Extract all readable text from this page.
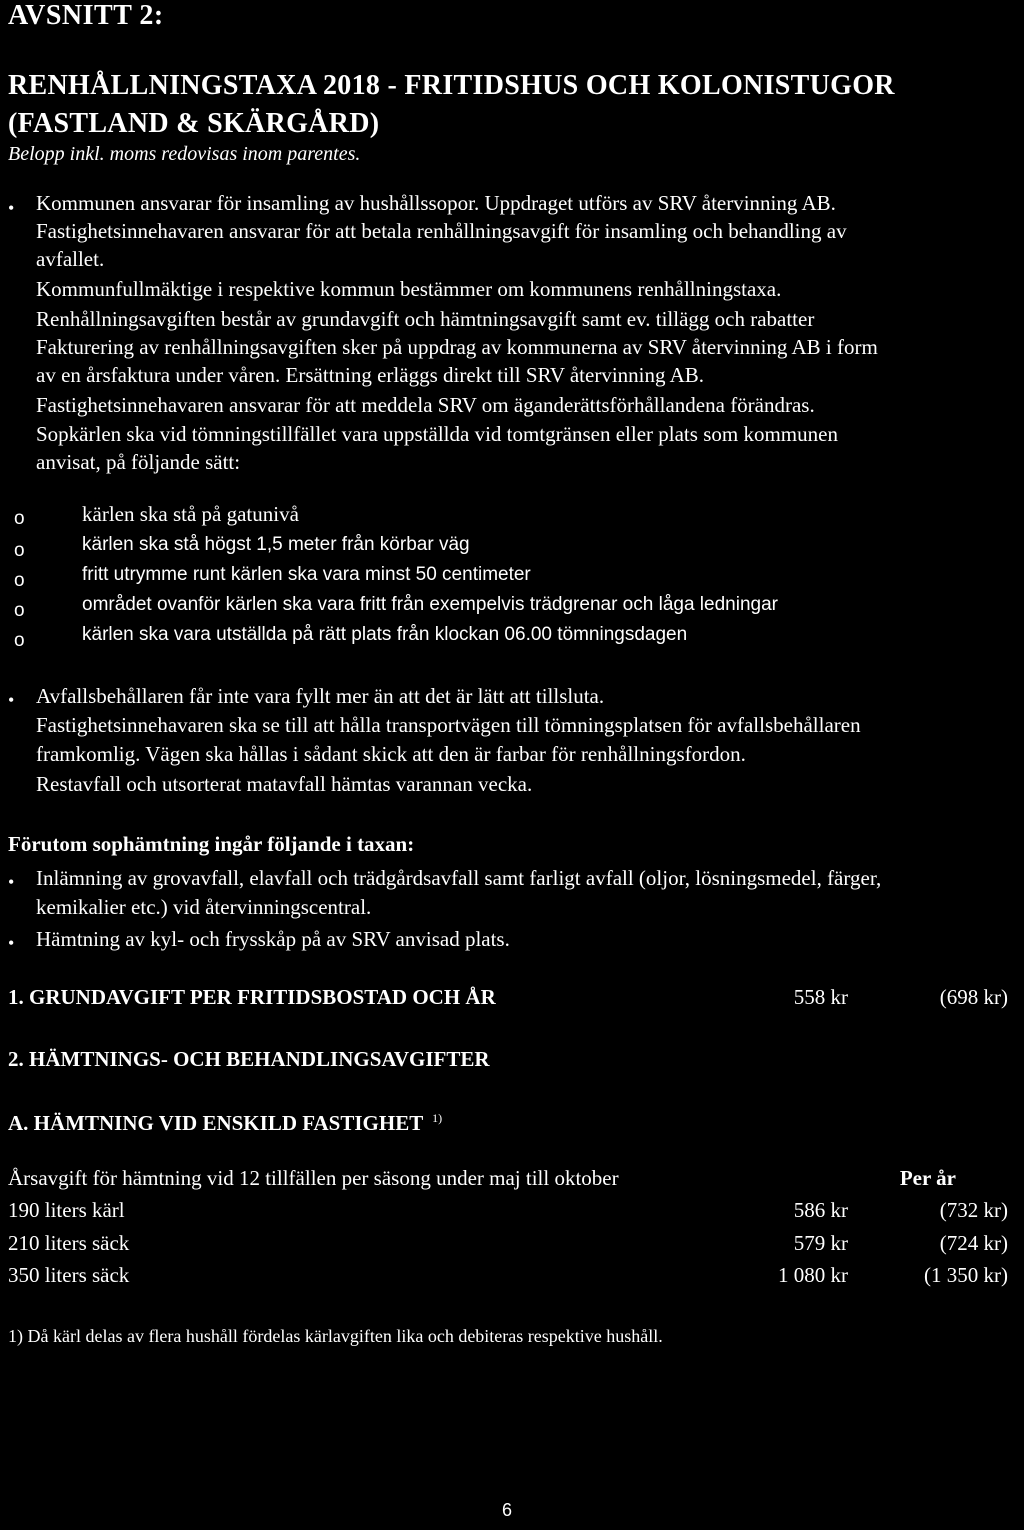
AVSNITT 2:
RENHÅLLNINGSTAXA 2018 - FRITIDSHUS OCH KOLONISTUGOR
(FASTLAND & SKÄRGÅRD)
Belopp inkl. moms redovisas inom parentes.
• Kommunen ansvarar för insamling av hushållssopor. Uppdraget utförs av SRV återvinning AB.
Fastighetsinnehavaren ansvarar för att betala renhållningsavgift för insamling och behandling av
avfallet.
Kommunfullmäktige i respektive kommun bestämmer om kommunens renhållningstaxa.
Renhållningsavgiften består av grundavgift och hämtningsavgift samt ev. tillägg och rabatter
Fakturering av renhållningsavgiften sker på uppdrag av kommunerna av SRV återvinning AB i form
av en årsfaktura under våren. Ersättning erläggs direkt till SRV återvinning AB.
Fastighetsinnehavaren ansvarar för att meddela SRV om äganderättsförhållandena förändras.
Sopkärlen ska vid tömningstillfället vara uppställda vid tomtgränsen eller plats som kommunen
anvisat, på följande sätt:
o	kärlen ska stå på gatunivå
o	kärlen ska stå högst 1,5 meter från körbar väg
o	fritt utrymme runt kärlen ska vara minst 50 centimeter
o	området ovanför kärlen ska vara fritt från exempelvis trädgrenar och låga ledningar
o	kärlen ska vara utställda på rätt plats från klockan 06.00 tömningsdagen
• Avfallsbehållaren får inte vara fyllt mer än att det är lätt att tillsluta.
Fastighetsinnehavaren ska se till att hålla transportvägen till tömningsplatsen för avfallsbehållaren
framkomlig. Vägen ska hållas i sådant skick att den är farbar för renhållningsfordon.
Restavfall och utsorterat matavfall hämtas varannan vecka.
Förutom sophämtning ingår följande i taxan:
• Inlämning av grovavfall, elavfall och trädgårdsavfall samt farligt avfall (oljor, lösningsmedel, färger,
kemikalier etc.) vid återvinningscentral.
• Hämtning av kyl- och frysskåp på av SRV anvisad plats.
1. GRUNDAVGIFT PER FRITIDSBOSTAD OCH ÅR	558 kr	(698 kr)
2. HÄMTNINGS- OCH BEHANDLINGSAVGIFTER
A. HÄMTNING VID ENSKILD FASTIGHET $^{1)}$
Årsavgift för hämtning vid 12 tillfällen per säsong under maj till oktober	Per år
190 liters kärl	586 kr	(732 kr)
210 liters säck	579 kr	(724 kr)
350 liters säck	1 080 kr	(1 350 kr)
1) Då kärl delas av flera hushåll fördelas kärlavgiften lika och debiteras respektive hushåll.
6
